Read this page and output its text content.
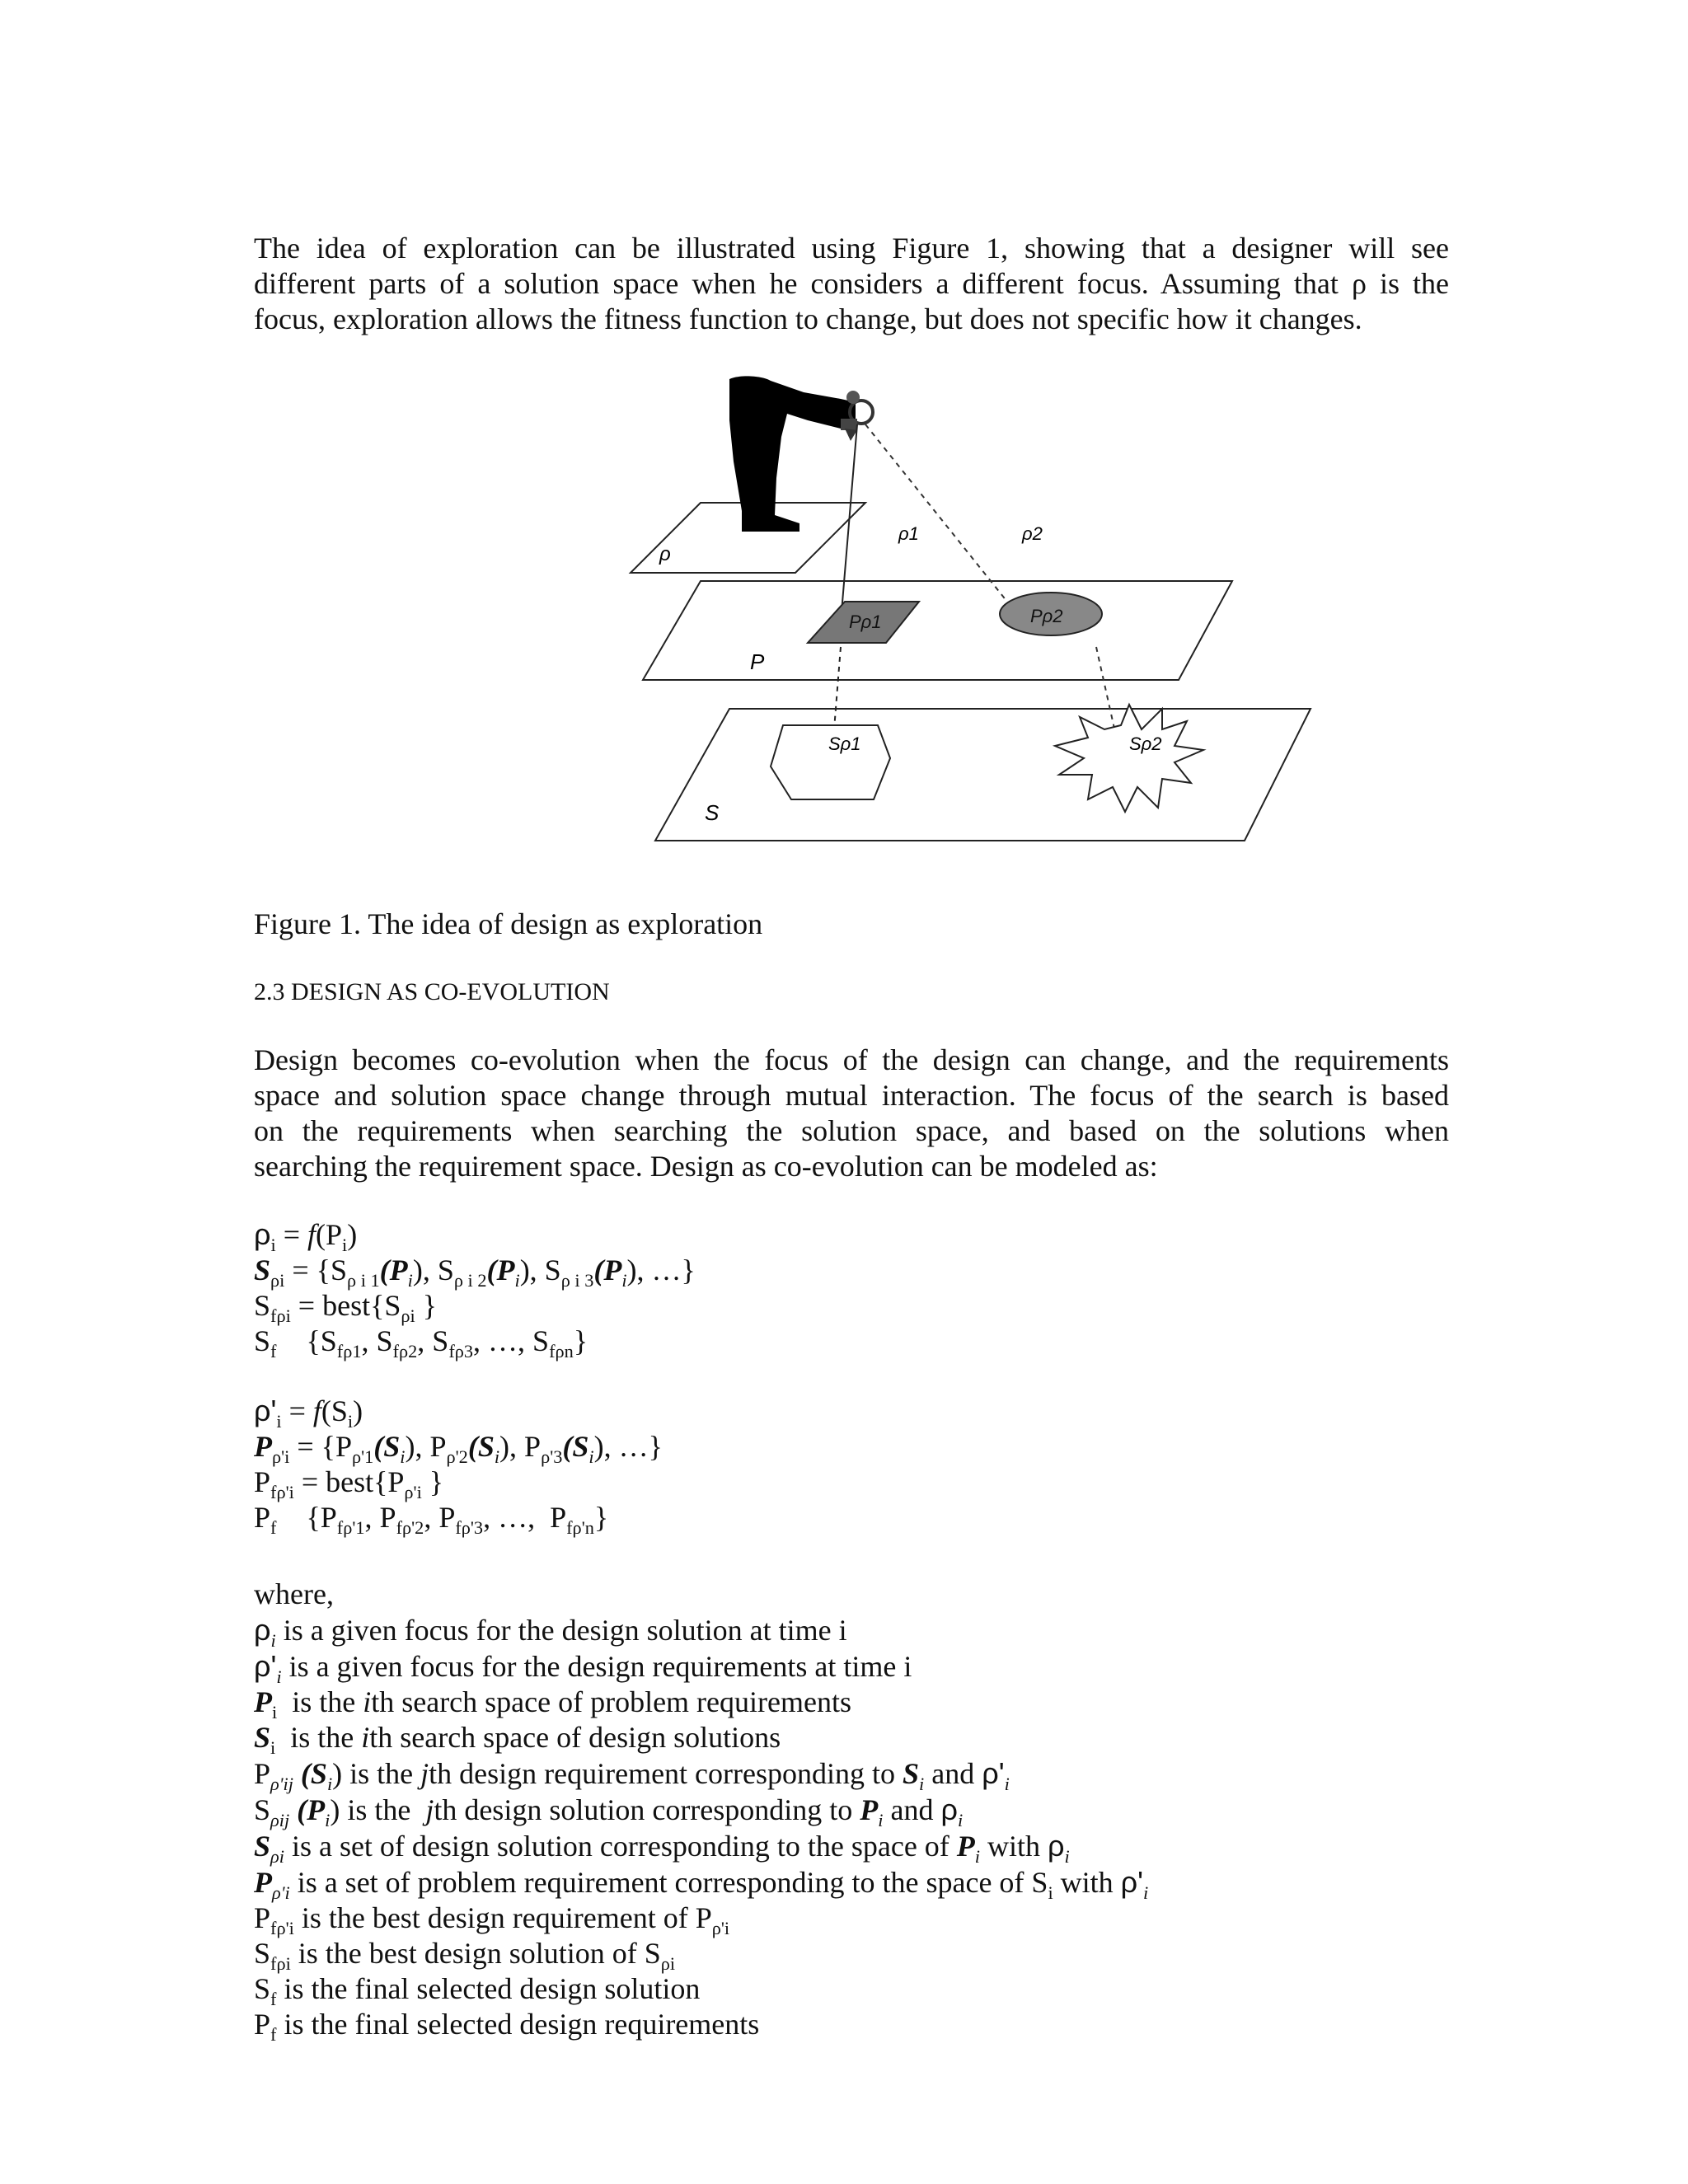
The idea of exploration can be illustrated using Figure 1, showing that a designer will see
different parts of a solution space when he considers a different focus. Assuming that ρ is the
focus, exploration allows the fitness function to change, but does not specific how it changes.
ρ
P
S
ρ1	ρ2
Pρ1	Pρ2
Sρ1	Sρ2
Figure 1. The idea of design as exploration
2.3 DESIGN AS CO-EVOLUTION
Design becomes co-evolution when the focus of the design can change, and the requirements
space and solution space change through mutual interaction. The focus of the search is based
on the requirements when searching the solution space, and based on the solutions when
searching the requirement space. Design as co-evolution can be modeled as:
$\rho_i = f(P_i)$
$S_{\rho i} = \{S_{\rho i 1}(P_i)$, $S_{\rho i 2}(P_i)$, $S_{\rho i 3}(P_i)$, …}
$S_{f\rho i}$ = $best\{S_{\rho i}$ }
$S_f$    {$S_{f\rho 1}$, $S_{f\rho 2}$, $S_{f\rho 3}$, …, $S_{f\rho n}$}
$\rho'_i = f(S_i)$
$P_{\rho'i} = \{P_{\rho'1}(S_i)$, $P_{\rho'2}(S_i)$, $P_{\rho'3}(S_i)$, …}
$P_{f\rho'i}$ = $best\{P_{\rho'i}$ }
$P_f$    {$P_{f\rho'1}$, $P_{f\rho'2}$, $P_{f\rho'3}$, …,  $P_{f\rho'n}$}
where,
$\rho_i$ is a given focus for the design solution at time i
$\rho'_i$ is a given focus for the design requirements at time i
$P_i$  is the ith search space of problem requirements
$S_i$  is the ith search space of design solutions
$P_{\rho'ij}$ $(S_i)$ is the jth design requirement corresponding to $S_i$ and $\rho'_i$
$S_{\rho ij}$ $(P_i)$ is the  jth design solution corresponding to $P_i$ and $\rho_i$
$S_{\rho i}$ is a set of design solution corresponding to the space of $P_i$ with $\rho_i$
$P_{\rho'i}$ is a set of problem requirement corresponding to the space of $S_i$ with $\rho'_i$
$P_{f\rho'i}$ is the best design requirement of $P_{\rho'i}$
$S_{f\rho i}$ is the best design solution of $S_{\rho i}$
$S_f$ is the final selected design solution
$P_f$ is the final selected design requirements
